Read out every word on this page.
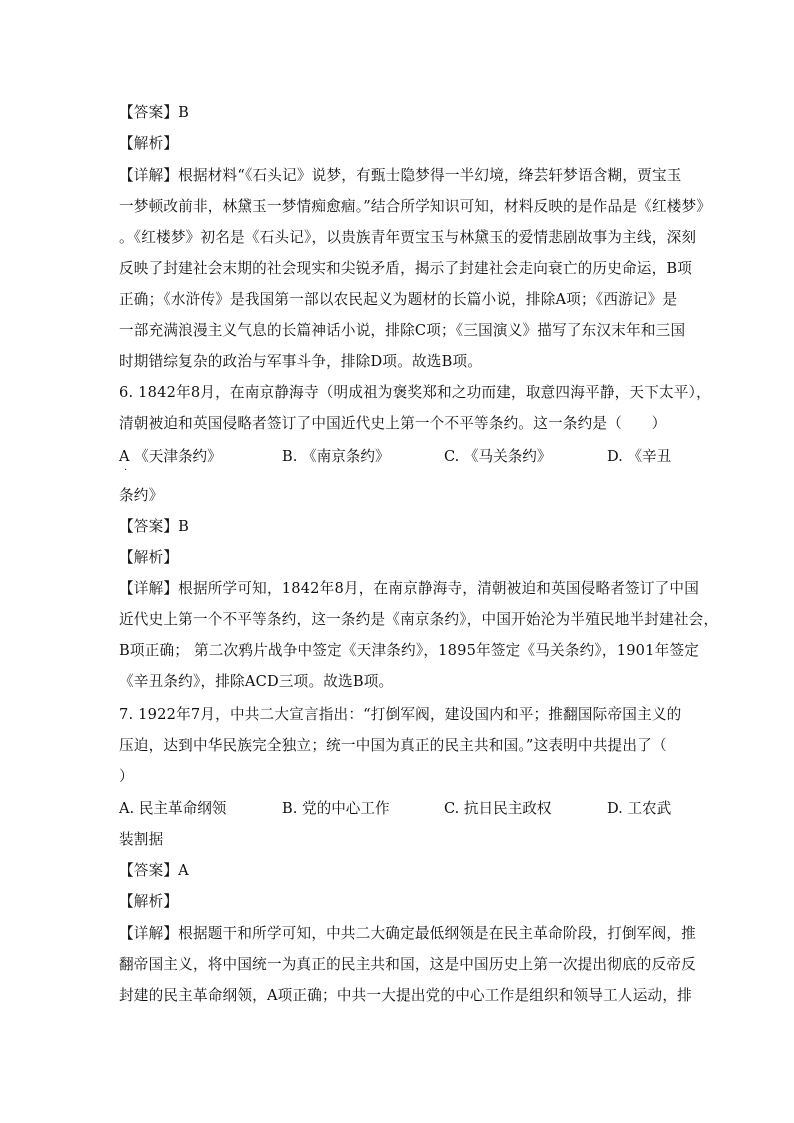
【答案】B
【解析】
【详解】根据材料“《石头记》说梦，有甄士隐梦得一半幻境，绛芸轩梦语含糊，贾宝玉
一梦顿改前非，林黛玉一梦情痴愈痼。”结合所学知识可知，材料反映的是作品是《红楼梦》
。《红楼梦》初名是《石头记》，以贵族青年贾宝玉与林黛玉的爱情悲剧故事为主线，深刻
反映了封建社会末期的社会现实和尖锐矛盾，揭示了封建社会走向衰亡的历史命运，B项
正确；《水浒传》是我国第一部以农民起义为题材的长篇小说，排除A项；《西游记》是
一部充满浪漫主义气息的长篇神话小说，排除C项；《三国演义》描写了东汉末年和三国
时期错综复杂的政治与军事斗争，排除D项。故选B项。
6. 1842年8月，在南京静海寺（明成祖为褒奖郑和之功而建，取意四海平静，天下太平），
清朝被迫和英国侵略者签订了中国近代史上第一个不平等条约。这一条约是（　　）
A 《天津条约》	B. 《南京条约》	C. 《马关条约》	D. 《辛丑
·
条约》
【答案】B
【解析】
【详解】根据所学可知，1842年8月，在南京静海寺，清朝被迫和英国侵略者签订了中国
近代史上第一个不平等条约，这一条约是《南京条约》，中国开始沦为半殖民地半封建社会，
B项正确； 第二次鸦片战争中签定《天津条约》，1895年签定《马关条约》，1901年签定
《辛丑条约》，排除ACD三项。故选B项。
7. 1922年7月，中共二大宣言指出：“打倒军阀，建设国内和平；推翻国际帝国主义的
压迫，达到中华民族完全独立；统一中国为真正的民主共和国。”这表明中共提出了（
）
A. 民主革命纲领	B. 党的中心工作	C. 抗日民主政权	D. 工农武
装割据
【答案】A
【解析】
【详解】根据题干和所学可知，中共二大确定最低纲领是在民主革命阶段，打倒军阀，推
翻帝国主义，将中国统一为真正的民主共和国，这是中国历史上第一次提出彻底的反帝反
封建的民主革命纲领，A项正确；中共一大提出党的中心工作是组织和领导工人运动，排
